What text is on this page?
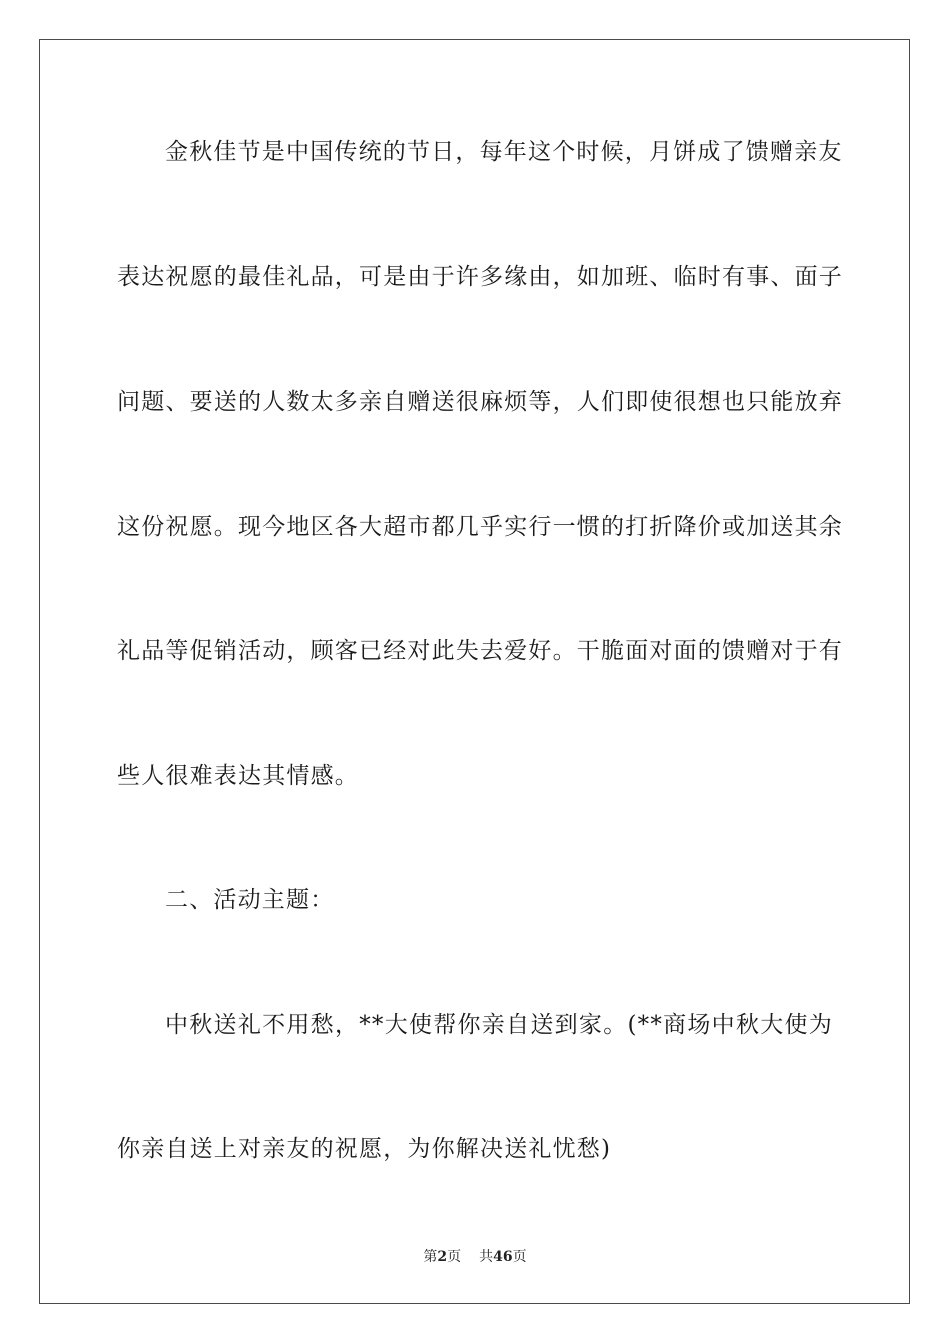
金秋佳节是中国传统的节日，每年这个时候，月饼成了馈赠亲友
表达祝愿的最佳礼品，可是由于许多缘由，如加班、临时有事、面子
问题、要送的人数太多亲自赠送很麻烦等，人们即使很想也只能放弃
这份祝愿。现今地区各大超市都几乎实行一惯的打折降价或加送其余
礼品等促销活动，顾客已经对此失去爱好。干脆面对面的馈赠对于有
些人很难表达其情感。
二、活动主题：
中秋送礼不用愁，**大使帮你亲自送到家。(**商场中秋大使为
你亲自送上对亲友的祝愿，为你解决送礼忧愁)
第2页 共46页
